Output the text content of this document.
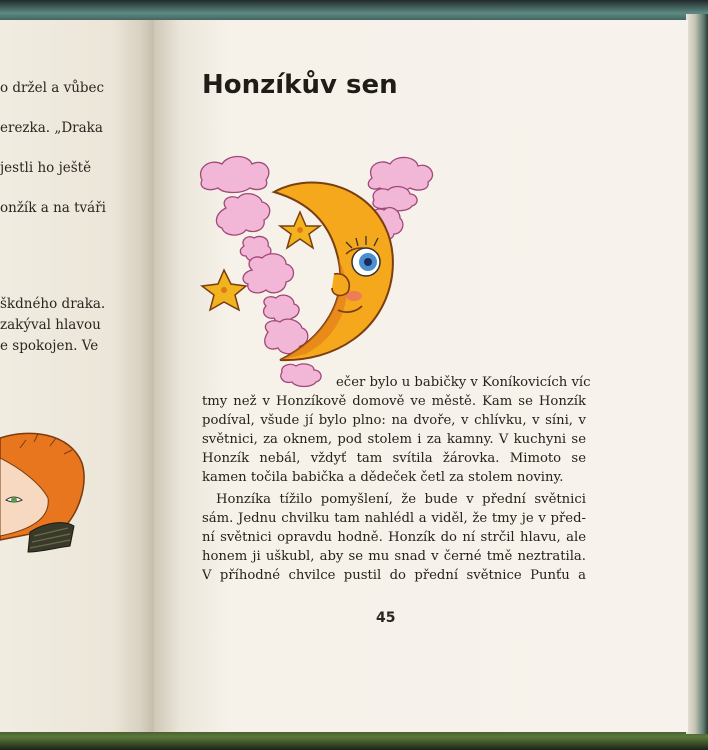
o držel a vůbec
erezka. „Draka
jestli ho ještě
onžík a na tváři
škdného draka.
zakýval hlavou
e spokojen. Ve
Honzíkův sen
ečer bylo u babičky v Koníkovicích víc
tmy než v Honzíkově domově ve městě. Kam se Honzík
podíval, všude jí bylo plno: na dvoře, v chlívku, v síni, v
světnici, za oknem, pod stolem i za kamny. V kuchyni se
Honzík nebál, vždyť tam svítila žárovka. Mimoto se
kamen točila babička a dědeček četl za stolem noviny.
Honzíka tížilo pomyšlení, že bude v přední světnici
sám. Jednu chvilku tam nahlédl a viděl, že tmy je v před-
ní světnici opravdu hodně. Honzík do ní strčil hlavu, ale
honem ji uškubl, aby se mu snad v černé tmě neztratila.
V příhodné chvilce pustil do přední světnice Punťu a
45
